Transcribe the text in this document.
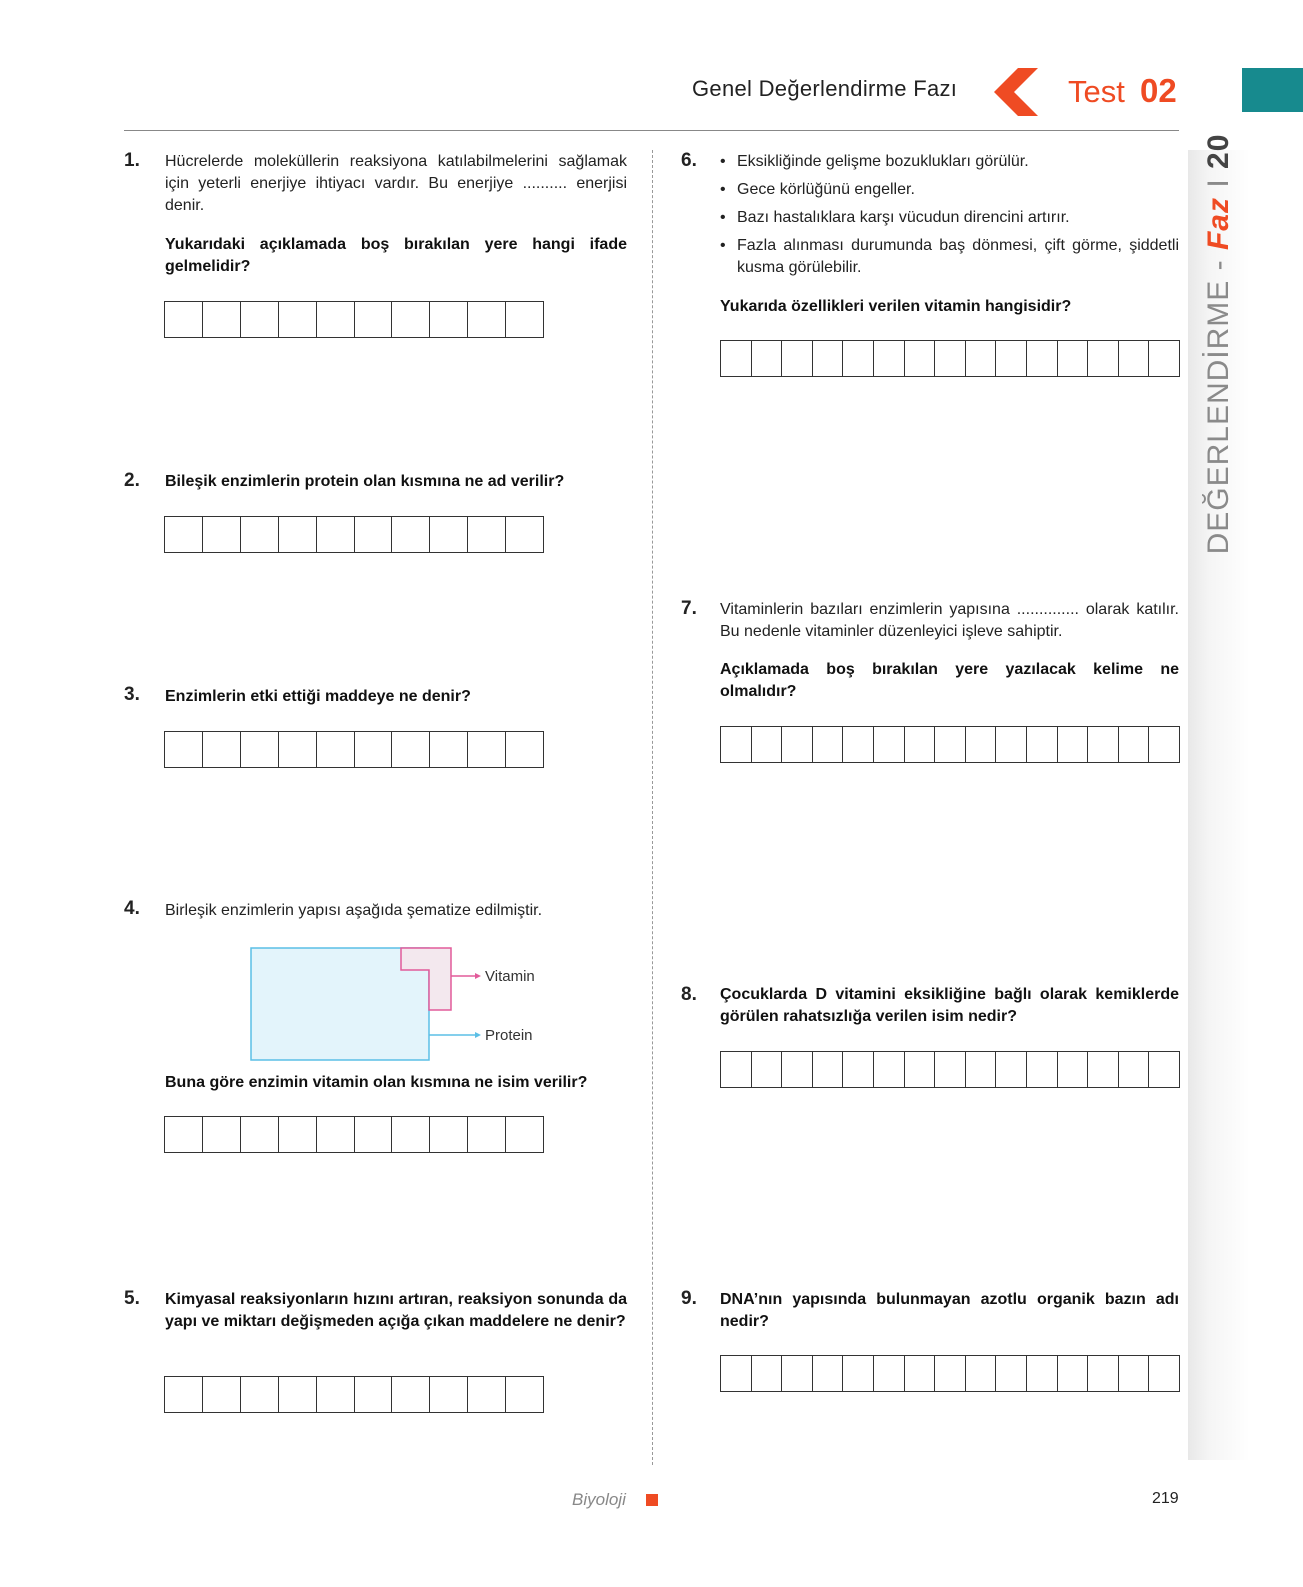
Genel Değerlendirme Fazı	Test 02
DEĞERLENDİRME - Faz I 20
1. Hücrelerde moleküllerin reaksiyona katılabilmelerini sağlamak için yeterli enerjiye ihtiyacı vardır. Bu enerjiye .......... enerjisi denir.
Yukarıdaki açıklamada boş bırakılan yere hangi ifade gelmelidir?
2. Bileşik enzimlerin protein olan kısmına ne ad verilir?
3. Enzimlerin etki ettiği maddeye ne denir?
4. Birleşik enzimlerin yapısı aşağıda şematize edilmiştir.
Vitamin
Protein
Buna göre enzimin vitamin olan kısmına ne isim verilir?
5. Kimyasal reaksiyonların hızını artıran, reaksiyon sonunda da yapı ve miktarı değişmeden açığa çıkan maddelere ne denir?
6.
•	Eksikliğinde gelişme bozuklukları görülür.
• Gece körlüğünü engeller.
• Bazı hastalıklara karşı vücudun direncini artırır.
• Fazla alınması durumunda baş dönmesi, çift görme, şiddetli kusma görülebilir.
Yukarıda özellikleri verilen vitamin hangisidir?
7. Vitaminlerin bazıları enzimlerin yapısına .............. olarak katılır. Bu nedenle vitaminler düzenleyici işleve sahiptir.
Açıklamada boş bırakılan yere yazılacak kelime ne olmalıdır?
8. Çocuklarda D vitamini eksikliğine bağlı olarak kemiklerde görülen rahatsızlığa verilen isim nedir?
9. DNA’nın yapısında bulunmayan azotlu organik bazın adı nedir?
Biyoloji	219
